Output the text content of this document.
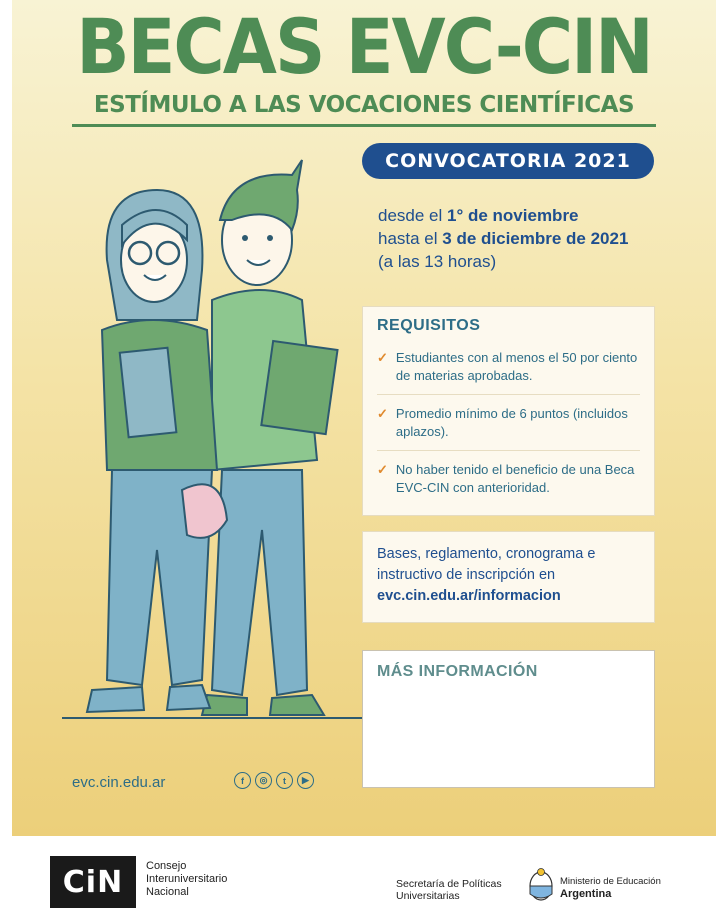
BECAS EVC-CIN
ESTÍMULO A LAS VOCACIONES CIENTÍFICAS
CONVOCATORIA 2021
desde el 1° de noviembre
hasta el 3 de diciembre de 2021
(a las 13 horas)
REQUISITOS
✓ Estudiantes con al menos el 50 por ciento de materias aprobadas.
✓ Promedio mínimo de 6 puntos (incluidos aplazos).
✓ No haber tenido el beneficio de una Beca EVC-CIN con anterioridad.
Bases, reglamento, cronograma e instructivo de inscripción en
evc.cin.edu.ar/informacion
MÁS INFORMACIÓN
evc.cin.edu.ar	f	◎	t	▶
CiN	Consejo
Interuniversitario
Nacional
Secretaría de Políticas
Universitarias
Ministerio de Educación
Argentina
